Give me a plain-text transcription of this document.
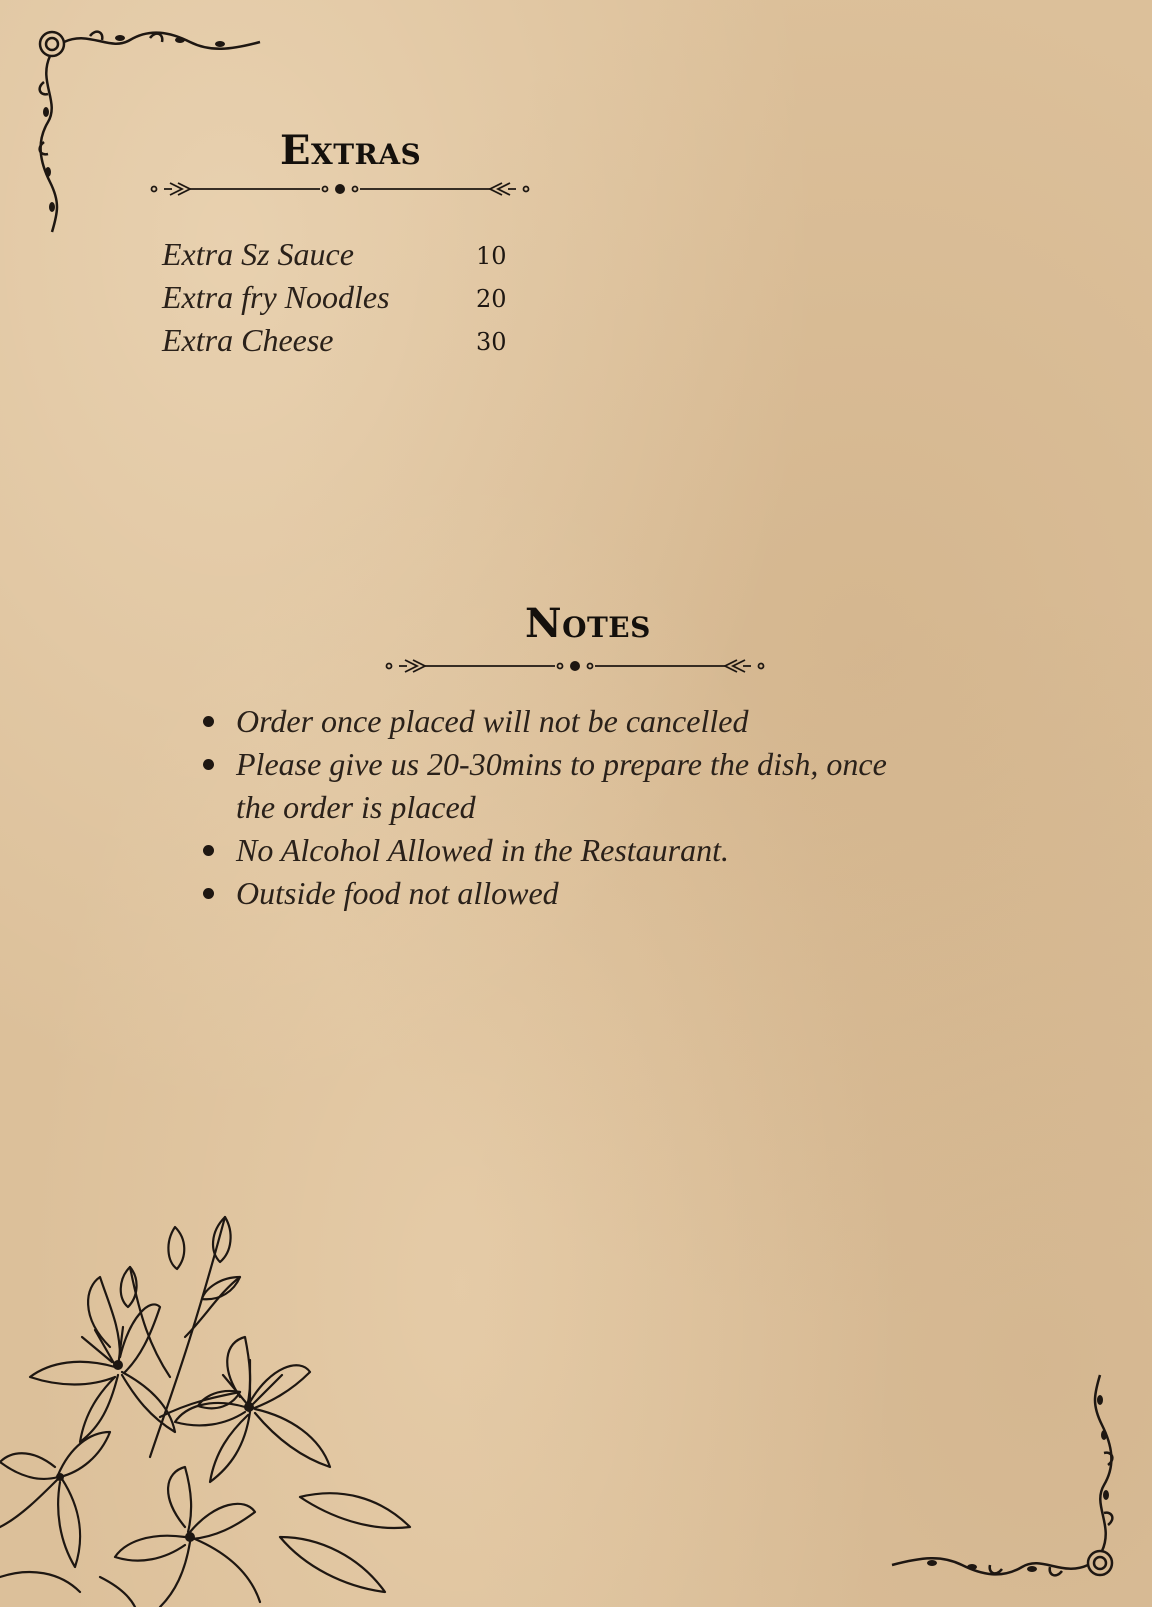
Extras
Extra Sz Sauce	10
Extra fry Noodles	20
Extra Cheese	30
Notes
Order once placed will not be cancelled
Please give us 20-30mins to prepare the dish, once the order is placed
No Alcohol Allowed in the Restaurant.
Outside food not allowed
